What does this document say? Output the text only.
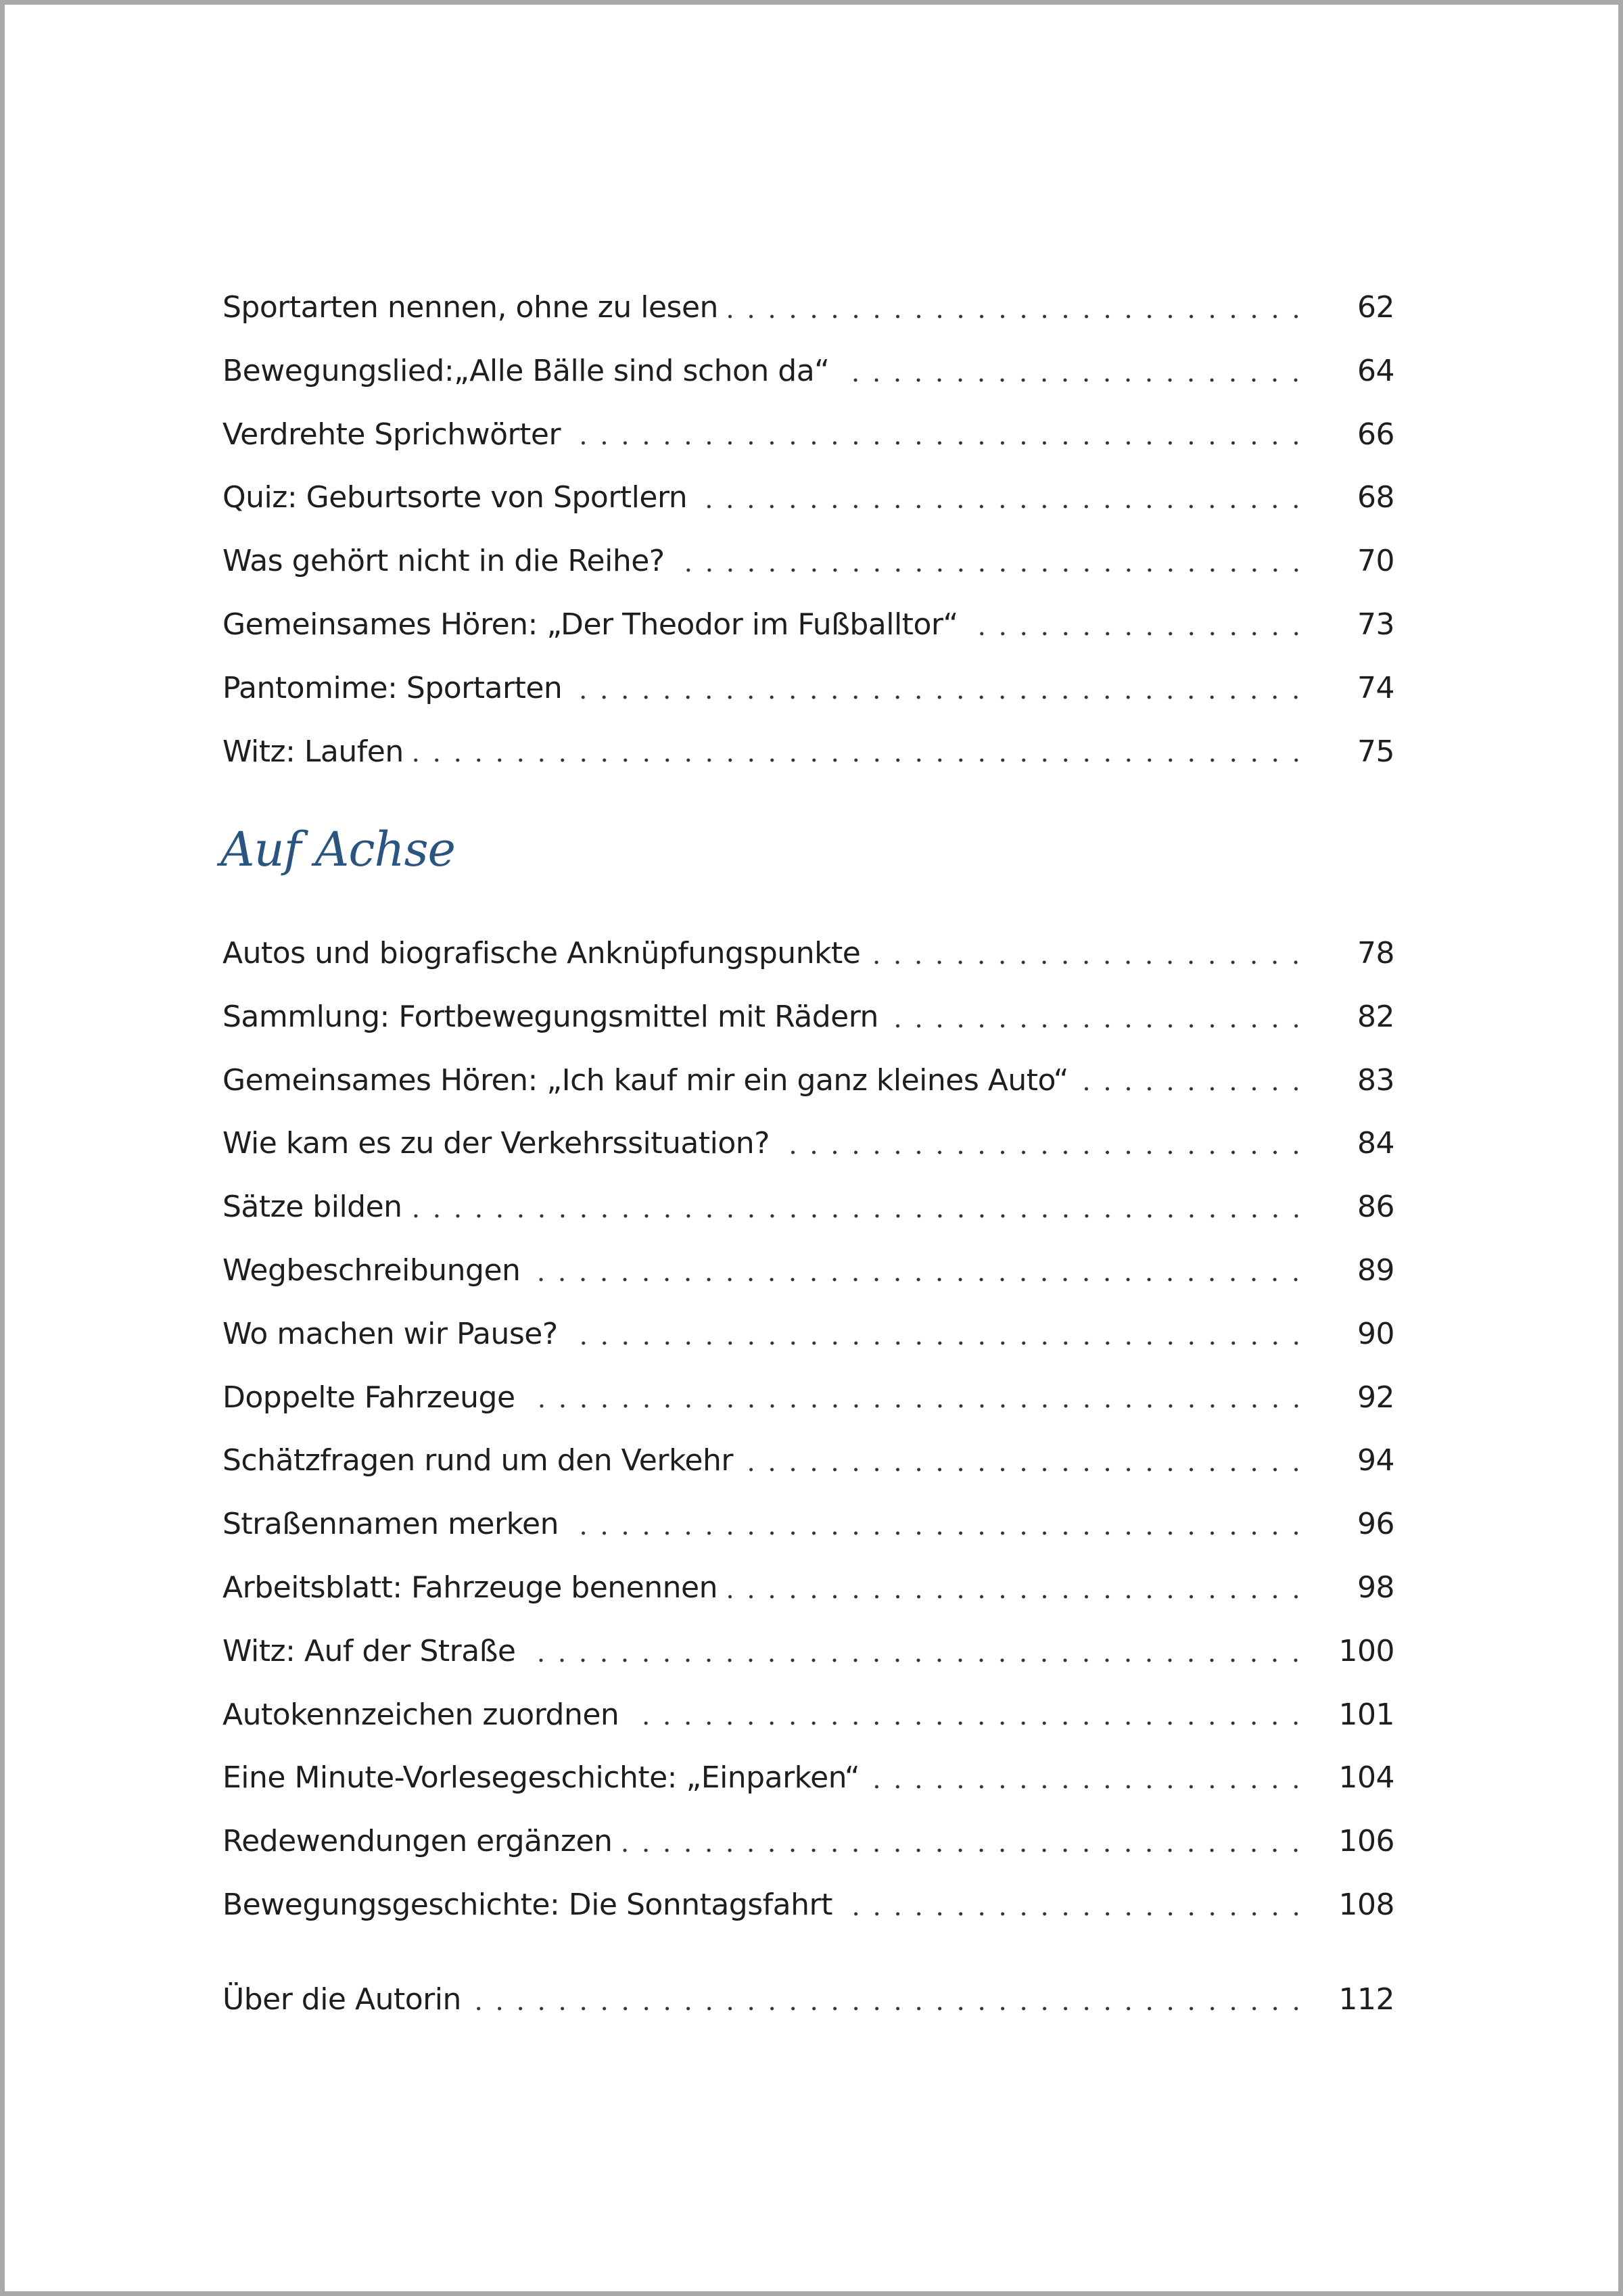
Sportarten nennen, ohne zu lesen	62
Bewegungslied:„Alle Bälle sind schon da“	64
Verdrehte Sprichwörter	66
Quiz: Geburtsorte von Sportlern	68
Was gehört nicht in die Reihe?	70
Gemeinsames Hören: „Der Theodor im Fußballtor“	73
Pantomime: Sportarten	74
Witz: Laufen	75
Auf Achse
Autos und biografische Anknüpfungspunkte	78
Sammlung: Fortbewegungsmittel mit Rädern	82
Gemeinsames Hören: „Ich kauf mir ein ganz kleines Auto“	83
Wie kam es zu der Verkehrssituation?	84
Sätze bilden	86
Wegbeschreibungen	89
Wo machen wir Pause?	90
Doppelte Fahrzeuge	92
Schätzfragen rund um den Verkehr	94
Straßennamen merken	96
Arbeitsblatt: Fahrzeuge benennen	98
Witz: Auf der Straße	100
Autokennzeichen zuordnen	101
Eine Minute-Vorlesegeschichte: „Einparken“	104
Redewendungen ergänzen	106
Bewegungsgeschichte: Die Sonntagsfahrt	108
Über die Autorin	112
